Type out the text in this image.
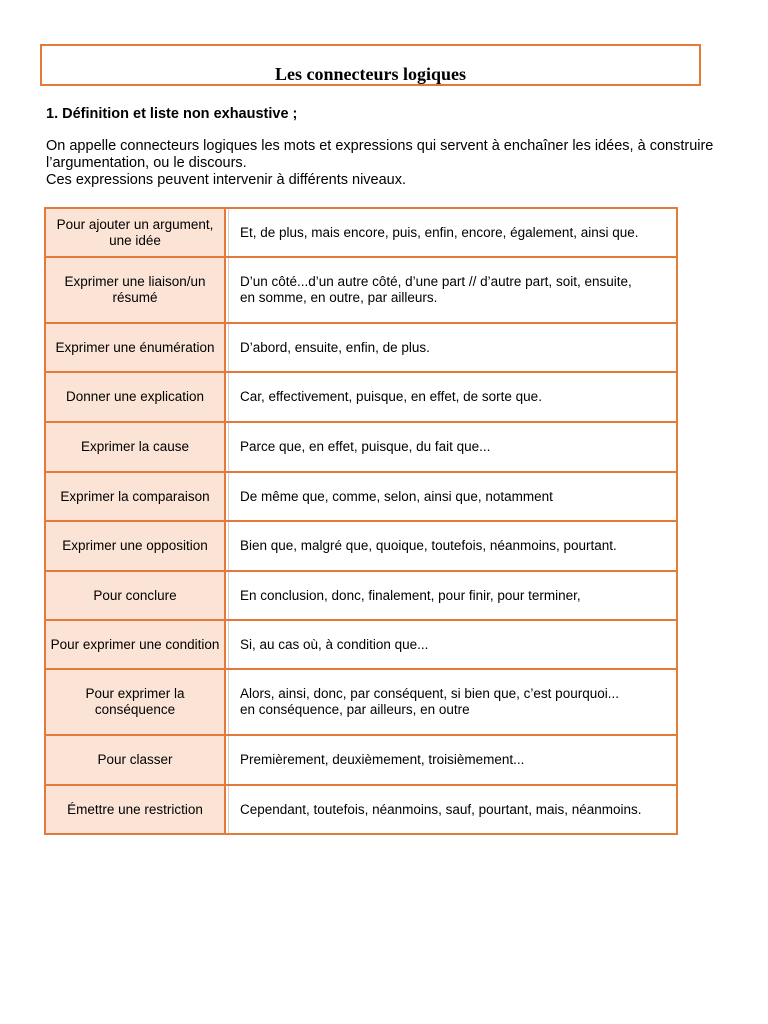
Les connecteurs logiques
1. Définition et liste non exhaustive ;

On appelle connecteurs logiques les mots et expressions qui servent à enchaîner les idées, à construire l’argumentation, ou le discours.

Ces expressions peuvent intervenir à différents niveaux.

Pour ajouter un argument, une idée	Et, de plus, mais encore, puis, enfin, encore, également, ainsi que.

Exprimer une liaison/un résumé	D’un côté...d’un autre côté, d’une part // d’autre part, soit, ensuite,
en somme, en outre, par ailleurs.

Exprimer une énumération	D’abord, ensuite, enfin, de plus.

Donner une explication	Car, effectivement, puisque, en effet, de sorte que.

Exprimer la cause	Parce que, en effet, puisque, du fait que...

Exprimer la comparaison	De même que, comme, selon, ainsi que, notamment

Exprimer une opposition	Bien que, malgré que, quoique, toutefois, néanmoins, pourtant.

Pour conclure	En conclusion, donc, finalement, pour finir, pour terminer,

Pour exprimer une condition	Si, au cas où, à condition que...

Pour exprimer la conséquence	Alors, ainsi, donc, par conséquent, si bien que, c’est pourquoi...
en conséquence, par ailleurs, en outre

Pour classer	Premièrement, deuxièmement, troisièmement...

Émettre une restriction	Cependant, toutefois, néanmoins, sauf, pourtant, mais, néanmoins.
